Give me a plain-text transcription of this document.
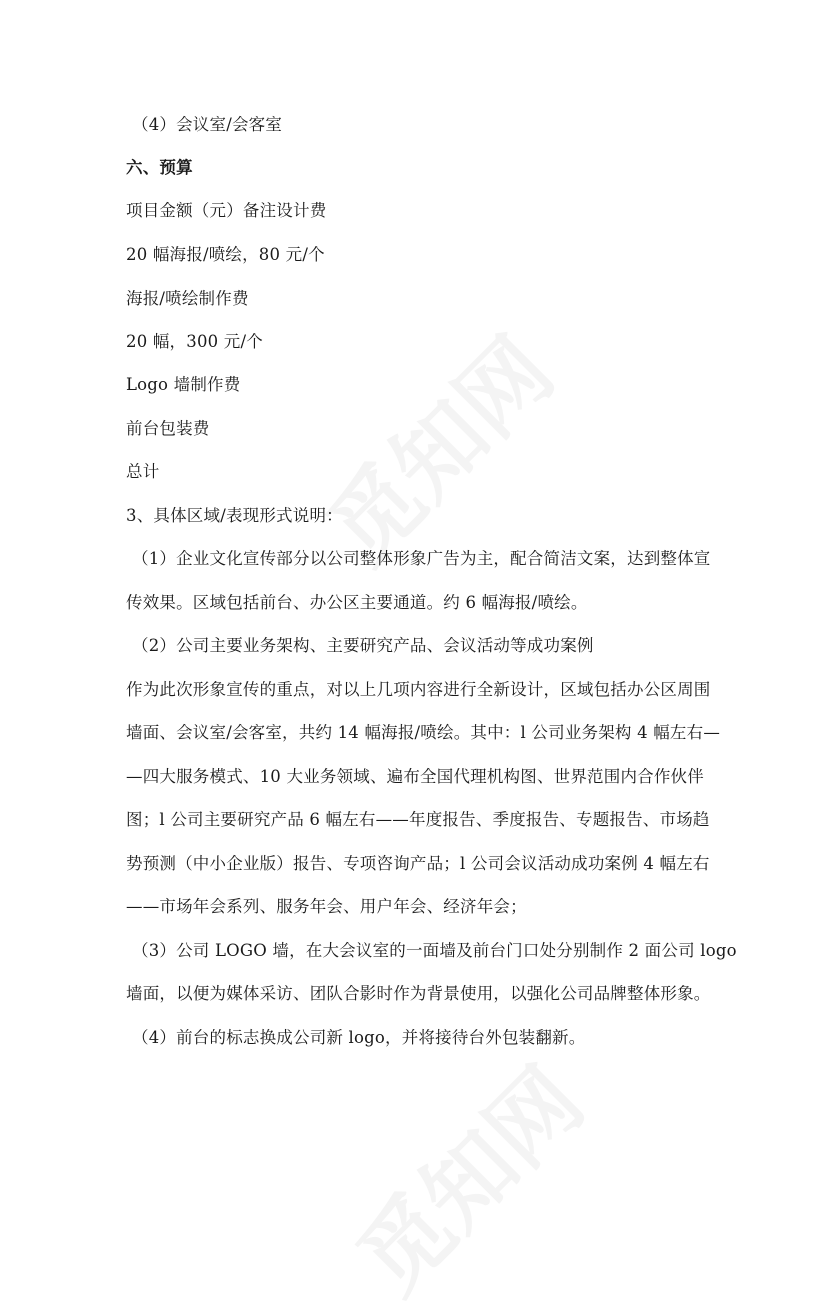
（4）会议室/会客室
六、预算
项目金额（元）备注设计费
20 幅海报/喷绘，80 元/个
海报/喷绘制作费
20 幅，300 元/个
Logo 墙制作费
前台包装费
总计
3、具体区域/表现形式说明：
（1）企业文化宣传部分以公司整体形象广告为主，配合简洁文案，达到整体宣
传效果。区域包括前台、办公区主要通道。约 6 幅海报/喷绘。
（2）公司主要业务架构、主要研究产品、会议活动等成功案例
作为此次形象宣传的重点，对以上几项内容进行全新设计，区域包括办公区周围
墙面、会议室/会客室，共约 14 幅海报/喷绘。其中：l 公司业务架构 4 幅左右—
—四大服务模式、10 大业务领域、遍布全国代理机构图、世界范围内合作伙伴
图；l 公司主要研究产品 6 幅左右——年度报告、季度报告、专题报告、市场趋
势预测（中小企业版）报告、专项咨询产品；l 公司会议活动成功案例 4 幅左右
——市场年会系列、服务年会、用户年会、经济年会；
（3）公司 LOGO 墙，在大会议室的一面墙及前台门口处分别制作 2 面公司 logo
墙面，以便为媒体采访、团队合影时作为背景使用，以强化公司品牌整体形象。
（4）前台的标志换成公司新 logo，并将接待台外包装翻新。
